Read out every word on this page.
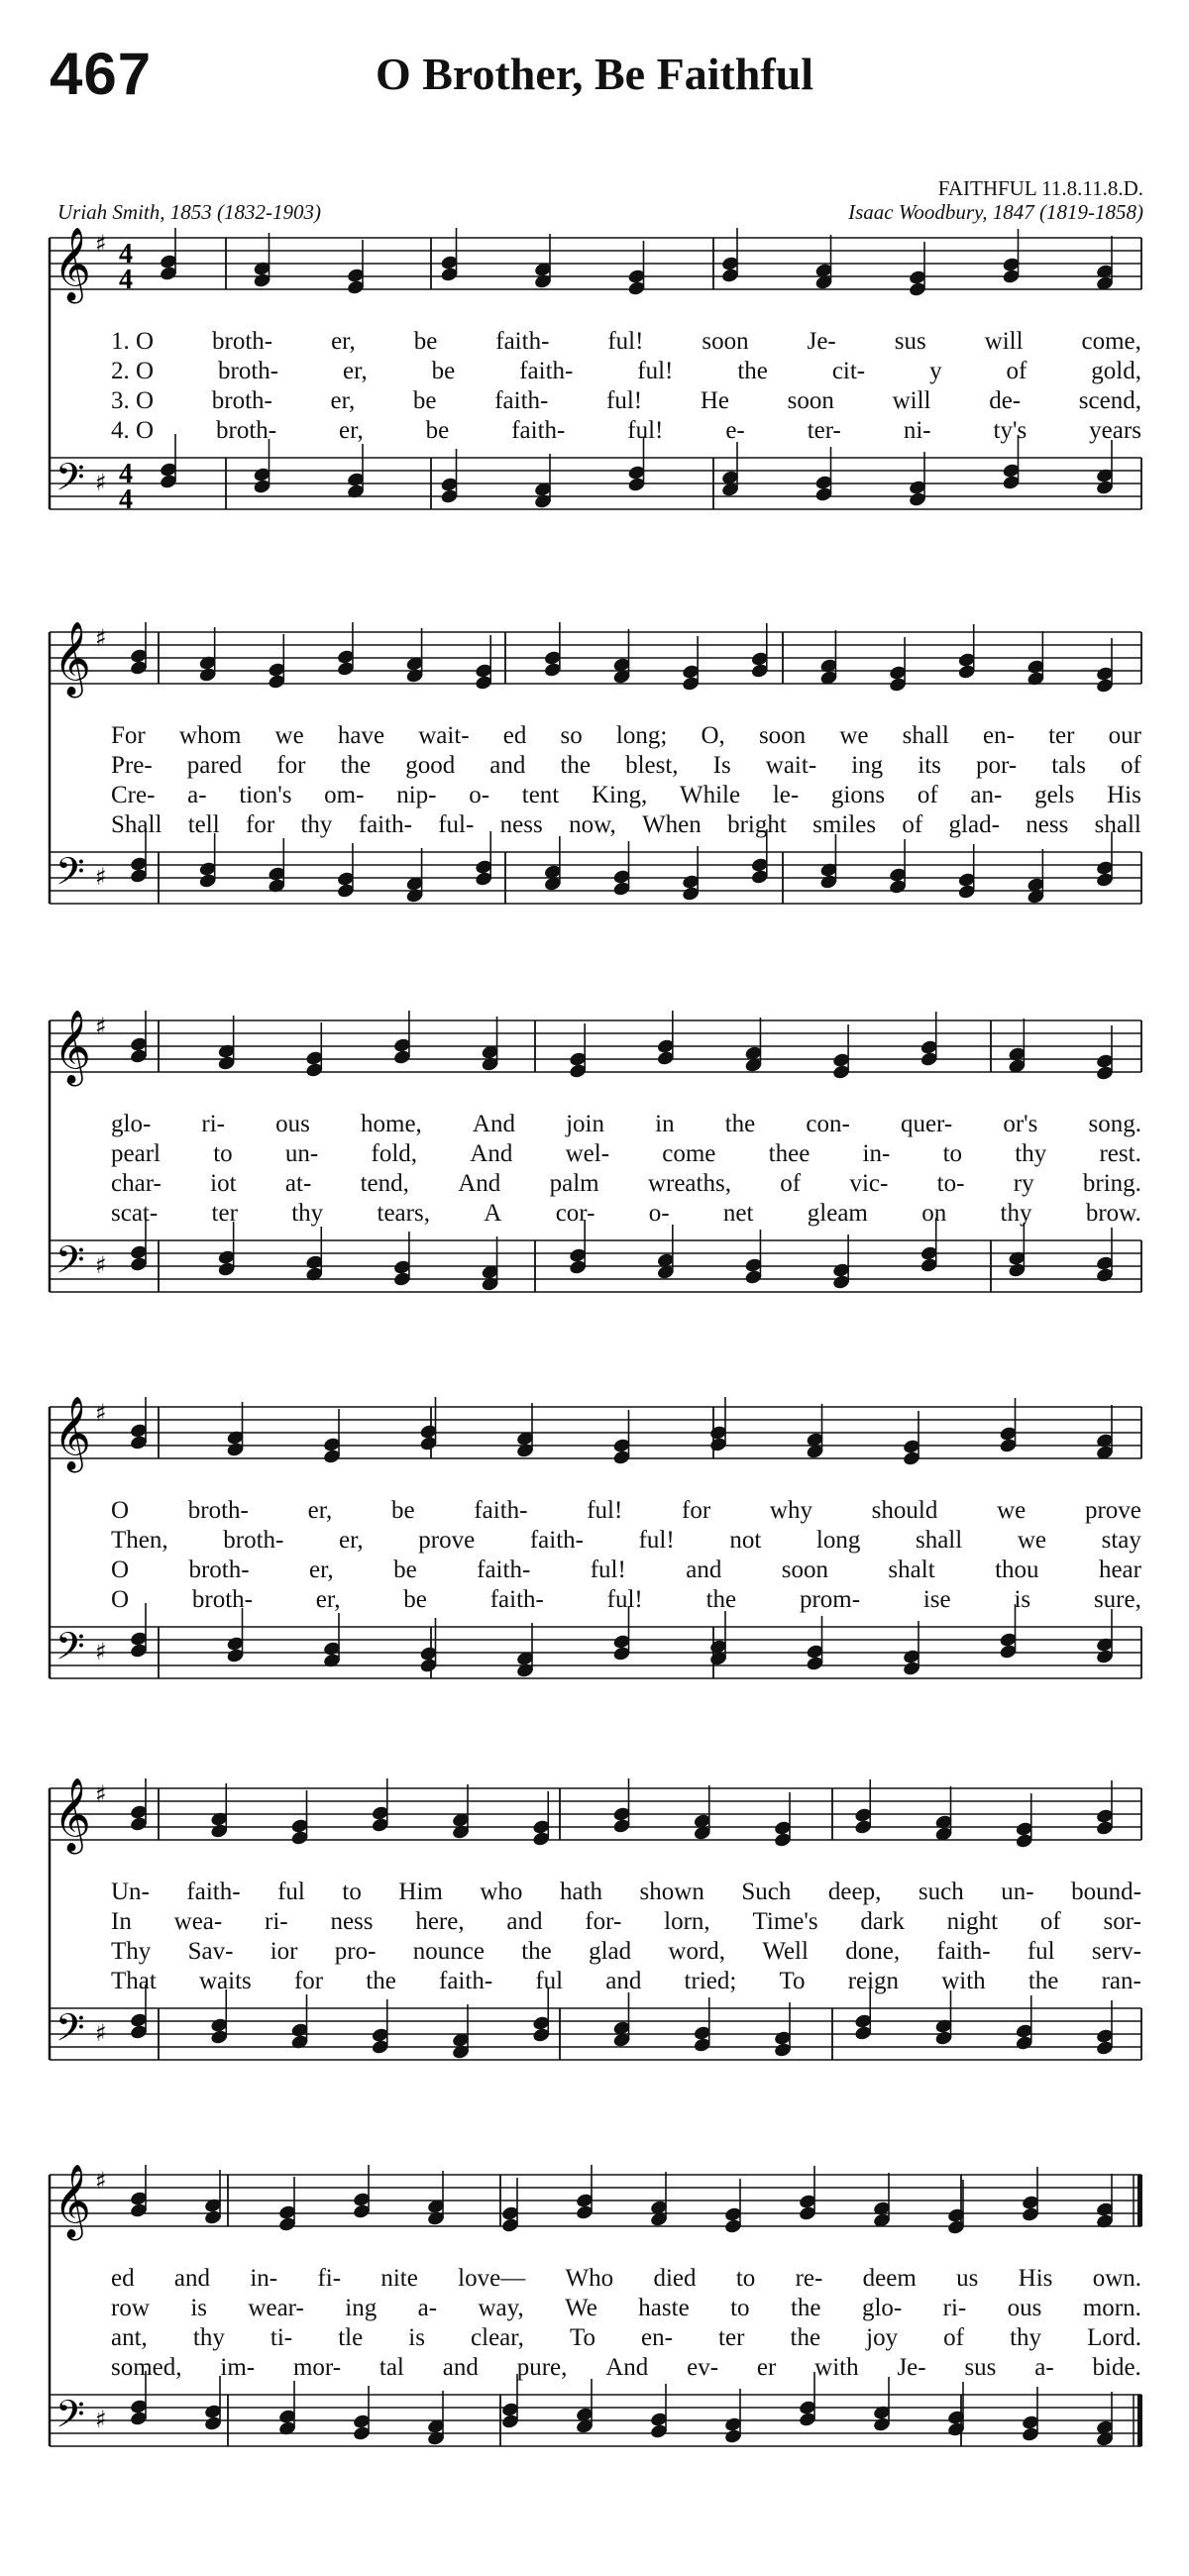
467	O Brother, Be Faithful
FAITHFUL 11.8.11.8.D.
Uriah Smith, 1853 (1832-1903)	Isaac Woodbury, 1847 (1819-1858)
𝄞
𝄢
♯
♯
4
4
4
4
1. O broth- er, be faith- ful! soon Je- sus will come,
2. O	broth-	er,	be	faith-	ful!	the	cit-	y	of	gold,
3. O broth- er, be faith- ful! He soon will de- scend,
4. O	broth-	er,	be	faith-	ful!	e-	ter-	ni-	ty's	years
𝄞
𝄢
♯
♯
For whom we have wait- ed so long; O, soon we shall en- ter our
Pre- pared for the good and the blest, Is wait- ing its por- tals of
Cre- a- tion's om- nip- o- tent King, While le- gions of an- gels His
Shall tell for thy faith- ful- ness now, When bright smiles of glad- ness shall
𝄞
𝄢
♯
♯
glo- ri- ous home, And join in the con- quer- or's song.
pearl to un- fold, And wel- come thee in- to thy rest.
char- iot at- tend, And palm wreaths, of vic- to- ry bring.
scat- ter thy tears, A cor- o- net gleam on thy brow.
𝄞
𝄢
♯
♯
O broth- er, be faith- ful! for why should we prove
Then, broth- er, prove faith- ful! not long shall we stay
O broth- er, be faith- ful! and soon shalt thou hear
O	broth-	er,	be	faith-	ful!	the	prom-	ise	is	sure,
𝄞
𝄢
♯
♯
Un- faith- ful to Him who hath shown Such deep, such un- bound-
In wea- ri- ness here, and for- lorn, Time's dark night of sor-
Thy Sav- ior pro- nounce the glad word, Well done, faith- ful serv-
That waits for the faith- ful and tried; To reign with the ran-
𝄞
𝄢
♯
♯
ed and in- fi- nite love— Who died to re- deem us His own.
row is wear- ing a- way, We haste to the glo- ri- ous morn.
ant, thy ti- tle is clear, To en- ter the joy of thy Lord.
somed, im- mor- tal and pure, And ev- er with Je- sus a- bide.
